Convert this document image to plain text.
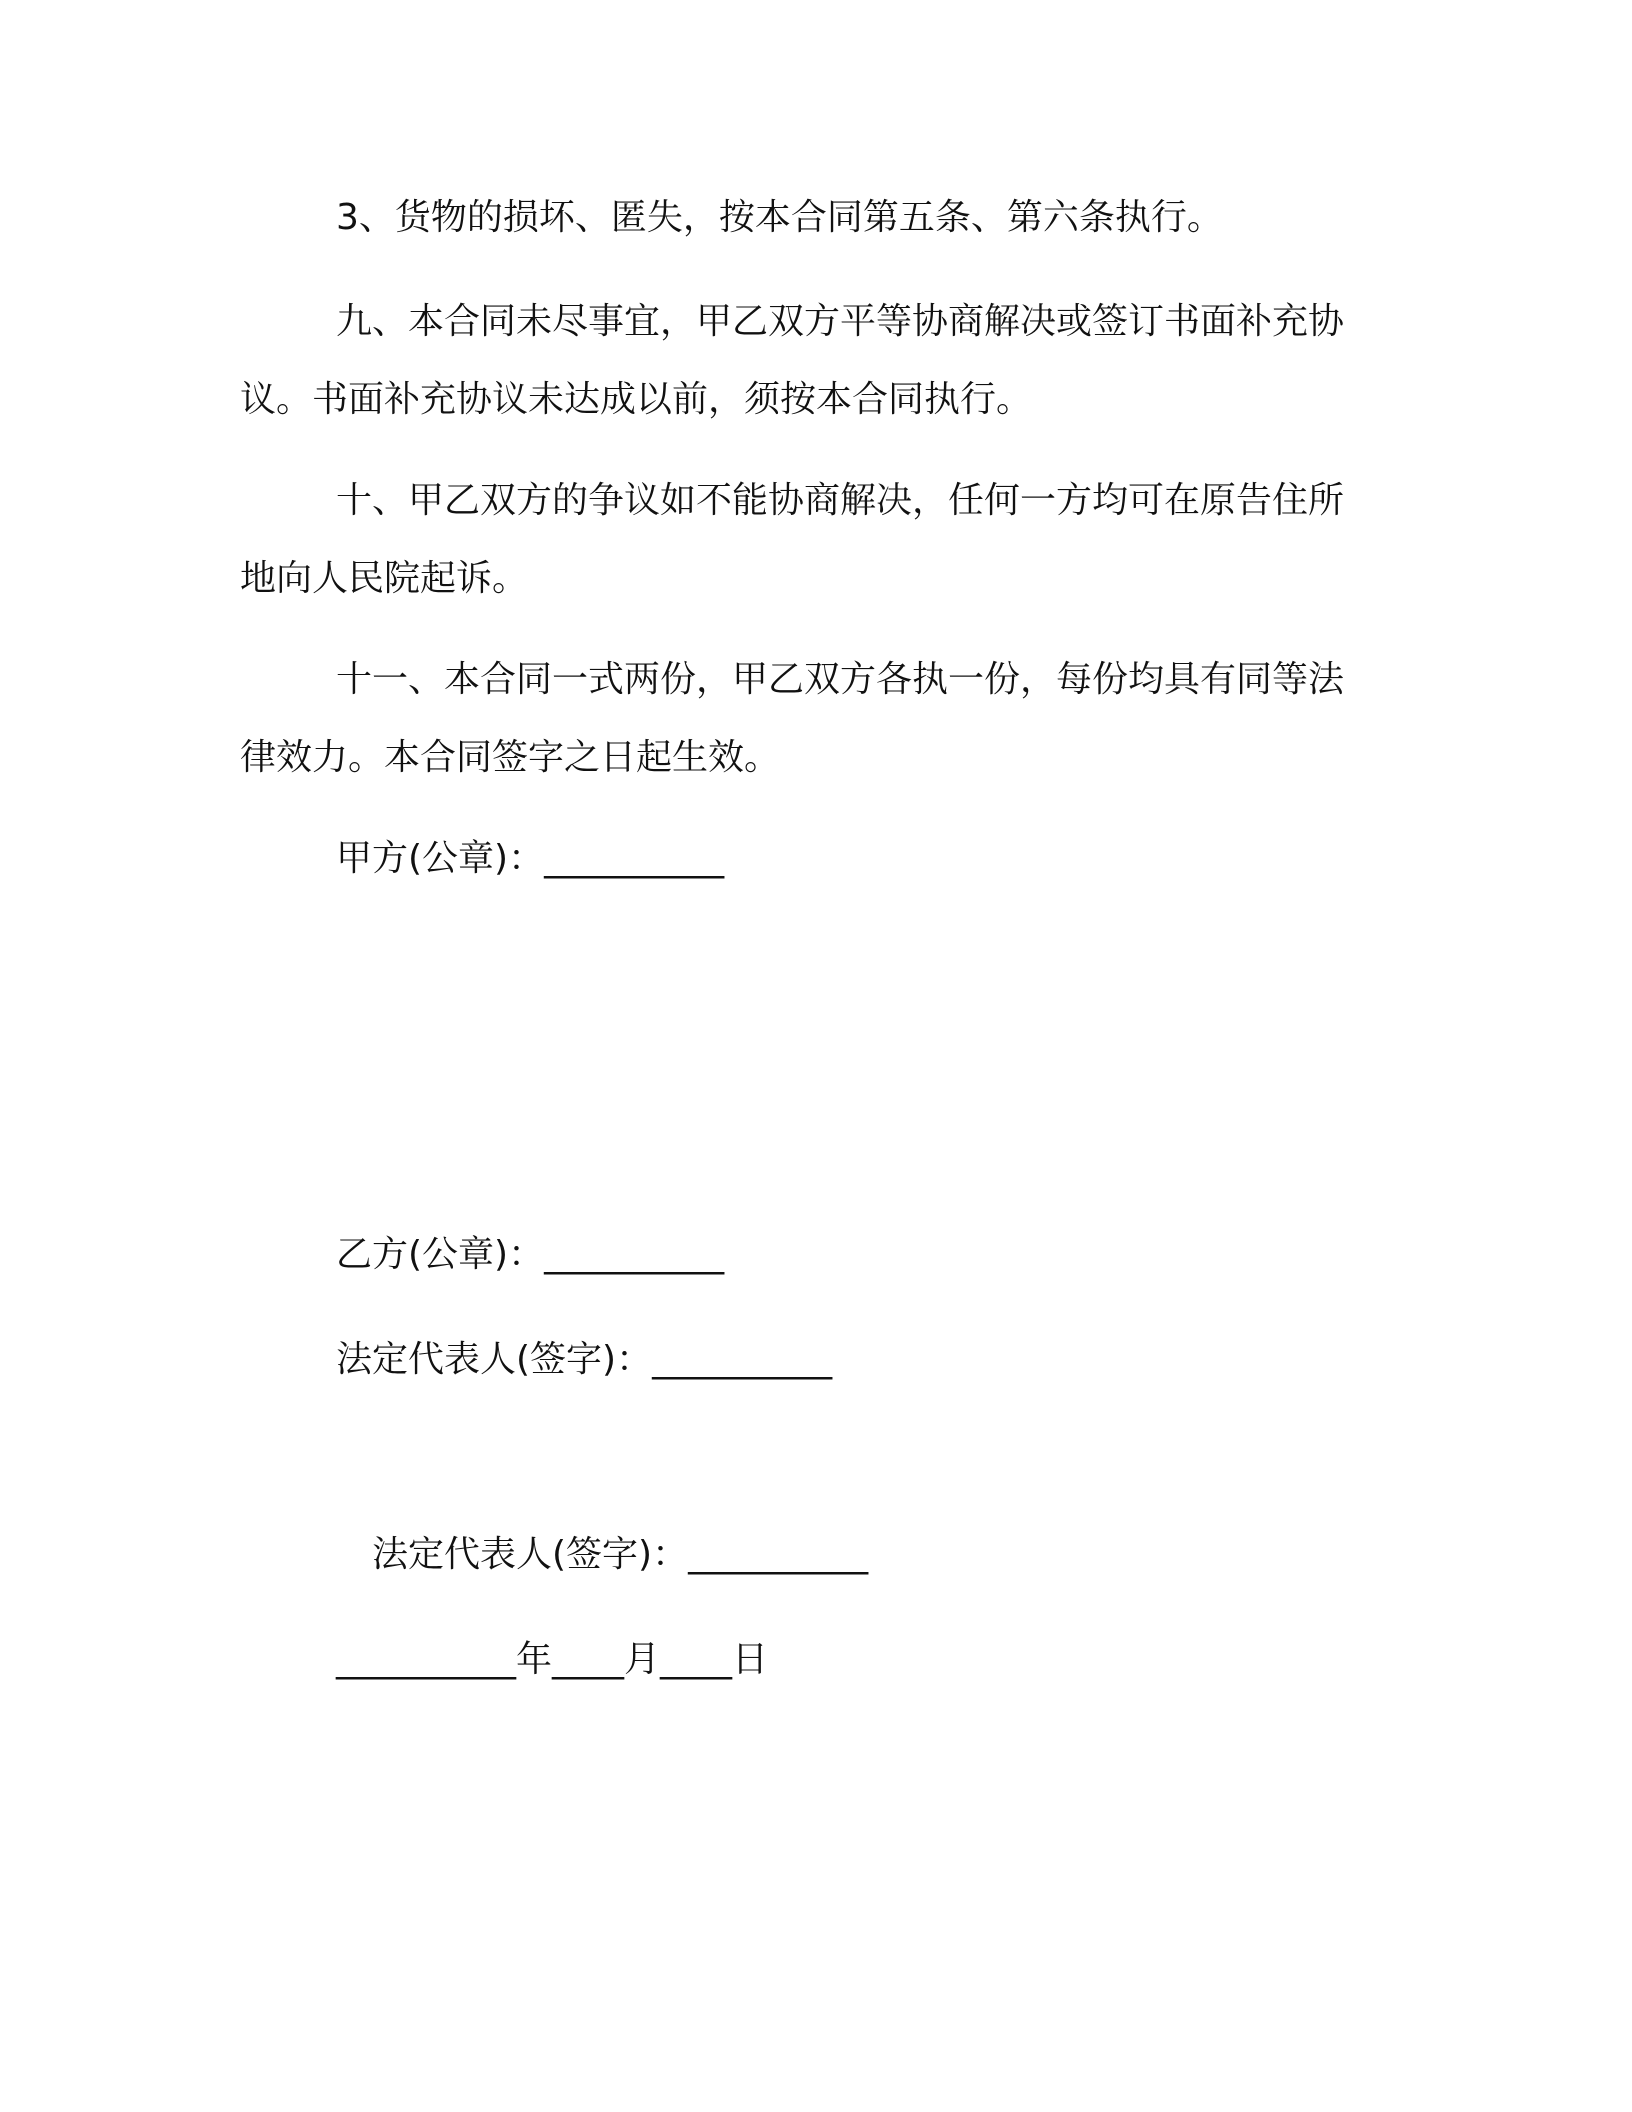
3、货物的损坏、匿失，按本合同第五条、第六条执行。

九、本合同未尽事宜，甲乙双方平等协商解决或签订书面补充协

议。书面补充协议未达成以前，须按本合同执行。

十、甲乙双方的争议如不能协商解决，任何一方均可在原告住所

地向人民院起诉。

十一、本合同一式两份，甲乙双方各执一份，每份均具有同等法

律效力。本合同签字之日起生效。

甲方(公章)：__________

乙方(公章)：__________

法定代表人(签字)：__________

法定代表人(签字)：__________

__________年____月____日
